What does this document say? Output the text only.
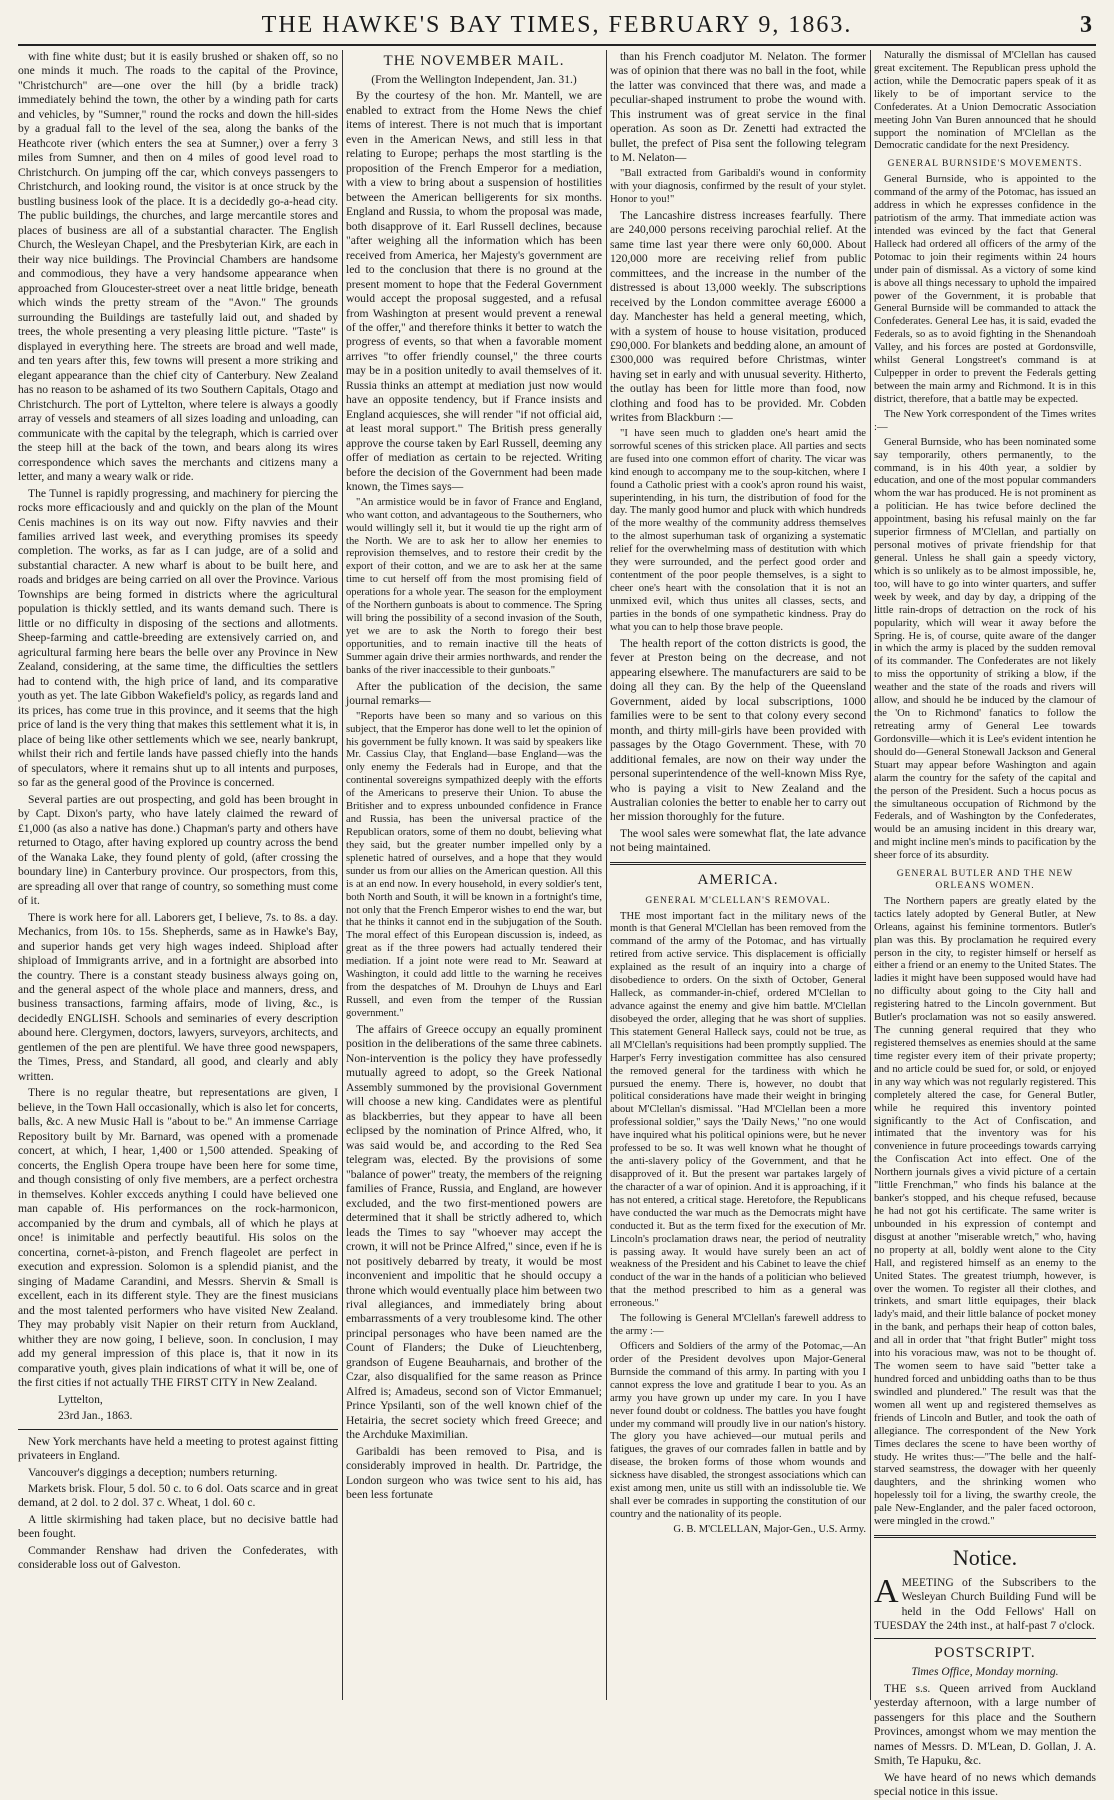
THE HAWKE'S BAY TIMES, FEBRUARY 9, 1863.	3

with fine white dust; but it is easily brushed or shaken off, so no one minds it much. The roads to the capital of the Province, "Christchurch" are—one over the hill (by a bridle track) immediately behind the town, the other by a winding path for carts and vehicles, by "Sumner," round the rocks and down the hill-sides by a gradual fall to the level of the sea, along the banks of the Heathcote river (which enters the sea at Sumner,) over a ferry 3 miles from Sumner, and then on 4 miles of good level road to Christchurch. On jumping off the car, which conveys passengers to Christchurch, and looking round, the visitor is at once struck by the bustling business look of the place. It is a decidedly go-a-head city. The public buildings, the churches, and large mercantile stores and places of business are all of a substantial character. The English Church, the Wesleyan Chapel, and the Presbyterian Kirk, are each in their way nice buildings. The Provincial Chambers are handsome and commodious, they have a very handsome appearance when approached from Gloucester-street over a neat little bridge, beneath which winds the pretty stream of the "Avon." The grounds surrounding the Buildings are tastefully laid out, and shaded by trees, the whole presenting a very pleasing little picture. "Taste" is displayed in everything here. The streets are broad and well made, and ten years after this, few towns will present a more striking and elegant appearance than the chief city of Canterbury. New Zealand has no reason to be ashamed of its two Southern Capitals, Otago and Christchurch. The port of Lyttelton, where telere is always a goodly array of vessels and steamers of all sizes loading and unloading, can communicate with the capital by the telegraph, which is carried over the steep hill at the back of the town, and bears along its wires correspondence which saves the merchants and citizens many a letter, and many a weary walk or ride.

The Tunnel is rapidly progressing, and machinery for piercing the rocks more efficaciously and and quickly on the plan of the Mount Cenis machines is on its way out now. Fifty navvies and their families arrived last week, and everything promises its speedy completion. The works, as far as I can judge, are of a solid and substantial character. A new wharf is about to be built here, and roads and bridges are being carried on all over the Province. Various Townships are being formed in districts where the agricultural population is thickly settled, and its wants demand such. There is little or no difficulty in disposing of the sections and allotments. Sheep-farming and cattle-breeding are extensively carried on, and agricultural farming here bears the belle over any Province in New Zealand, considering, at the same time, the difficulties the settlers had to contend with, the high price of land, and its comparative youth as yet. The late Gibbon Wakefield's policy, as regards land and its prices, has come true in this province, and it seems that the high price of land is the very thing that makes this settlement what it is, in place of being like other settlements which we see, nearly bankrupt, whilst their rich and fertile lands have passed chiefly into the hands of speculators, where it remains shut up to all intents and purposes, so far as the general good of the Province is concerned.

Several parties are out prospecting, and gold has been brought in by Capt. Dixon's party, who have lately claimed the reward of £1,000 (as also a native has done.) Chapman's party and others have returned to Otago, after having explored up country across the bend of the Wanaka Lake, they found plenty of gold, (after crossing the boundary line) in Canterbury province. Our prospectors, from this, are spreading all over that range of country, so something must come of it.

There is work here for all. Laborers get, I believe, 7s. to 8s. a day. Mechanics, from 10s. to 15s. Shepherds, same as in Hawke's Bay, and superior hands get very high wages indeed. Shipload after shipload of Immigrants arrive, and in a fortnight are absorbed into the country. There is a constant steady business always going on, and the general aspect of the whole place and manners, dress, and business transactions, farming affairs, mode of living, &c., is decidedly ENGLISH. Schools and seminaries of every description abound here. Clergymen, doctors, lawyers, surveyors, architects, and gentlemen of the pen are plentiful. We have three good newspapers, the Times, Press, and Standard, all good, and clearly and ably written.

There is no regular theatre, but representations are given, I believe, in the Town Hall occasionally, which is also let for concerts, balls, &c. A new Music Hall is "about to be." An immense Carriage Repository built by Mr. Barnard, was opened with a promenade concert, at which, I hear, 1,400 or 1,500 attended. Speaking of concerts, the English Opera troupe have been here for some time, and though consisting of only five members, are a perfect orchestra in themselves. Kohler excceds anything I could have believed one man capable of. His performances on the rock-harmonicon, accompanied by the drum and cymbals, all of which he plays at once! is inimitable and perfectly beautiful. His solos on the concertina, cornet-à-piston, and French flageolet are perfect in execution and expression. Solomon is a splendid pianist, and the singing of Madame Carandini, and Messrs. Shervin & Small is excellent, each in its different style. They are the finest musicians and the most talented performers who have visited New Zealand. They may probably visit Napier on their return from Auckland, whither they are now going, I believe, soon. In conclusion, I may add my general impression of this place is, that it now in its comparative youth, gives plain indications of what it will be, one of the first cities if not actually THE FIRST CITY in New Zealand.

Lyttelton,

23rd Jan., 1863.

New York merchants have held a meeting to protest against fitting privateers in England.

Vancouver's diggings a deception; numbers returning.

Markets brisk. Flour, 5 dol. 50 c. to 6 dol. Oats scarce and in great demand, at 2 dol. to 2 dol. 37 c. Wheat, 1 dol. 60 c.

A little skirmishing had taken place, but no decisive battle had been fought.

Commander Renshaw had driven the Confederates, with considerable loss out of Galveston.

THE NOVEMBER MAIL.

(From the Wellington Independent, Jan. 31.)

By the courtesy of the hon. Mr. Mantell, we are enabled to extract from the Home News the chief items of interest. There is not much that is important even in the American News, and still less in that relating to Europe; perhaps the most startling is the proposition of the French Emperor for a mediation, with a view to bring about a suspension of hostilities between the American belligerents for six months. England and Russia, to whom the proposal was made, both disapprove of it. Earl Russell declines, because "after weighing all the information which has been received from America, her Majesty's government are led to the conclusion that there is no ground at the present moment to hope that the Federal Government would accept the proposal suggested, and a refusal from Washington at present would prevent a renewal of the offer," and therefore thinks it better to watch the progress of events, so that when a favorable moment arrives "to offer friendly counsel," the three courts may be in a position unitedly to avail themselves of it. Russia thinks an attempt at mediation just now would have an opposite tendency, but if France insists and England acquiesces, she will render "if not official aid, at least moral support." The British press generally approve the course taken by Earl Russell, deeming any offer of mediation as certain to be rejected. Writing before the decision of the Government had been made known, the Times says—

"An armistice would be in favor of France and England, who want cotton, and advantageous to the Southerners, who would willingly sell it, but it would tie up the right arm of the North. We are to ask her to allow her enemies to reprovision themselves, and to restore their credit by the export of their cotton, and we are to ask her at the same time to cut herself off from the most promising field of operations for a whole year. The season for the employment of the Northern gunboats is about to commence. The Spring will bring the possibility of a second invasion of the South, yet we are to ask the North to forego their best opportunities, and to remain inactive till the heats of Summer again drive their armies northwards, and render the banks of the river inaccessible to their gunboats."

After the publication of the decision, the same journal remarks—

"Reports have been so many and so various on this subject, that the Emperor has done well to let the opinion of his government be fully known. It was said by speakers like Mr. Cassius Clay, that England—base England—was the only enemy the Federals had in Europe, and that the continental sovereigns sympathized deeply with the efforts of the Americans to preserve their Union. To abuse the Britisher and to express unbounded confidence in France and Russia, has been the universal practice of the Republican orators, some of them no doubt, believing what they said, but the greater number impelled only by a splenetic hatred of ourselves, and a hope that they would sunder us from our allies on the American question. All this is at an end now. In every household, in every soldier's tent, both North and South, it will be known in a fortnight's time, not only that the French Emperor wishes to end the war, but that he thinks it cannot end in the subjugation of the South. The moral effect of this European discussion is, indeed, as great as if the three powers had actually tendered their mediation. If a joint note were read to Mr. Seaward at Washington, it could add little to the warning he receives from the despatches of M. Drouhyn de Lhuys and Earl Russell, and even from the temper of the Russian government."

The affairs of Greece occupy an equally prominent position in the deliberations of the same three cabinets. Non-intervention is the policy they have professedly mutually agreed to adopt, so the Greek National Assembly summoned by the provisional Government will choose a new king. Candidates were as plentiful as blackberries, but they appear to have all been eclipsed by the nomination of Prince Alfred, who, it was said would be, and according to the Red Sea telegram was, elected. By the provisions of some "balance of power" treaty, the members of the reigning families of France, Russia, and England, are however excluded, and the two first-mentioned powers are determined that it shall be strictly adhered to, which leads the Times to say "whoever may accept the crown, it will not be Prince Alfred," since, even if he is not positively debarred by treaty, it would be most inconvenient and impolitic that he should occupy a throne which would eventually place him between two rival allegiances, and immediately bring about embarrassments of a very troublesome kind. The other principal personages who have been named are the Count of Flanders; the Duke of Lieuchtenberg, grandson of Eugene Beauharnais, and brother of the Czar, also disqualified for the same reason as Prince Alfred is; Amadeus, second son of Victor Emmanuel; Prince Ypsilanti, son of the well known chief of the Hetairia, the secret society which freed Greece; and the Archduke Maximilian.

Garibaldi has been removed to Pisa, and is considerably improved in health. Dr. Partridge, the London surgeon who was twice sent to his aid, has been less fortunate

than his French coadjutor M. Nelaton. The former was of opinion that there was no ball in the foot, while the latter was convinced that there was, and made a peculiar-shaped instrument to probe the wound with. This instrument was of great service in the final operation. As soon as Dr. Zenetti had extracted the bullet, the prefect of Pisa sent the following telegram to M. Nelaton—

"Ball extracted from Garibaldi's wound in conformity with your diagnosis, confirmed by the result of your stylet. Honor to you!"

The Lancashire distress increases fearfully. There are 240,000 persons receiving parochial relief. At the same time last year there were only 60,000. About 120,000 more are receiving relief from public committees, and the increase in the number of the distressed is about 13,000 weekly. The subscriptions received by the London committee average £6000 a day. Manchester has held a general meeting, which, with a system of house to house visitation, produced £90,000. For blankets and bedding alone, an amount of £300,000 was required before Christmas, winter having set in early and with unusual severity. Hitherto, the outlay has been for little more than food, now clothing and food has to be provided. Mr. Cobden writes from Blackburn :—

"I have seen much to gladden one's heart amid the sorrowful scenes of this stricken place. All parties and sects are fused into one common effort of charity. The vicar was kind enough to accompany me to the soup-kitchen, where I found a Catholic priest with a cook's apron round his waist, superintending, in his turn, the distribution of food for the day. The manly good humor and pluck with which hundreds of the more wealthy of the community address themselves to the almost superhuman task of organizing a systematic relief for the overwhelming mass of destitution with which they were surrounded, and the perfect good order and contentment of the poor people themselves, is a sight to cheer one's heart with the consolation that it is not an unmixed evil, which thus unites all classes, sects, and parties in the bonds of one sympathetic kindness. Pray do what you can to help those brave people.

The health report of the cotton districts is good, the fever at Preston being on the decrease, and not appearing elsewhere. The manufacturers are said to be doing all they can. By the help of the Queensland Government, aided by local subscriptions, 1000 families were to be sent to that colony every second month, and thirty mill-girls have been provided with passages by the Otago Government. These, with 70 additional females, are now on their way under the personal superintendence of the well-known Miss Rye, who is paying a visit to New Zealand and the Australian colonies the better to enable her to carry out her mission thoroughly for the future.

The wool sales were somewhat flat, the late advance not being maintained.

AMERICA.
GENERAL M'CLELLAN'S REMOVAL.

THE most important fact in the military news of the month is that General M'Clellan has been removed from the command of the army of the Potomac, and has virtually retired from active service. This displacement is officially explained as the result of an inquiry into a charge of disobedience to orders. On the sixth of October, General Halleck, as commander-in-chief, ordered M'Clellan to advance against the enemy and give him battle. M'Clellan disobeyed the order, alleging that he was short of supplies. This statement General Halleck says, could not be true, as all M'Clellan's requisitions had been promptly supplied. The Harper's Ferry investigation committee has also censured the removed general for the tardiness with which he pursued the enemy. There is, however, no doubt that political considerations have made their weight in bringing about M'Clellan's dismissal. "Had M'Clellan been a more professional soldier," says the 'Daily News,' "no one would have inquired what his political opinions were, but he never professed to be so. It was well known what he thought of the anti-slavery policy of the Government, and that he disapproved of it. But the present war partakes largely of the character of a war of opinion. And it is approaching, if it has not entered, a critical stage. Heretofore, the Republicans have conducted the war much as the Democrats might have conducted it. But as the term fixed for the execution of Mr. Lincoln's proclamation draws near, the period of neutrality is passing away. It would have surely been an act of weakness of the President and his Cabinet to leave the chief conduct of the war in the hands of a politician who believed that the method prescribed to him as a general was erroneous."

The following is General M'Clellan's farewell address to the army :—

Officers and Soldiers of the army of the Potomac,—An order of the President devolves upon Major-General Burnside the command of this army. In parting with you I cannot express the love and gratitude I bear to you. As an army you have grown up under my care. In you I have never found doubt or coldness. The battles you have fought under my command will proudly live in our nation's history. The glory you have achieved—our mutual perils and fatigues, the graves of our comrades fallen in battle and by disease, the broken forms of those whom wounds and sickness have disabled, the strongest associations which can exist among men, unite us still with an indissoluble tie. We shall ever be comrades in supporting the constitution of our country and the nationality of its people.

G. B. M'CLELLAN, Major-Gen., U.S. Army.

Naturally the dismissal of M'Clellan has caused great excitement. The Republican press uphold the action, while the Democratic papers speak of it as likely to be of important service to the Confederates. At a Union Democratic Association meeting John Van Buren announced that he should support the nomination of M'Clellan as the Democratic candidate for the next Presidency.

GENERAL BURNSIDE'S MOVEMENTS.

General Burnside, who is appointed to the command of the army of the Potomac, has issued an address in which he expresses confidence in the patriotism of the army. That immediate action was intended was evinced by the fact that General Halleck had ordered all officers of the army of the Potomac to join their regiments within 24 hours under pain of dismissal. As a victory of some kind is above all things necessary to uphold the impaired power of the Government, it is probable that General Burnside will be commanded to attack the Confederates. General Lee has, it is said, evaded the Federals, so as to avoid fighting in the Shenandoah Valley, and his forces are posted at Gordonsville, whilst General Longstreet's command is at Culpepper in order to prevent the Federals getting between the main army and Richmond. It is in this district, therefore, that a battle may be expected.

The New York correspondent of the Times writes :—

General Burnside, who has been nominated some say temporarily, others permanently, to the command, is in his 40th year, a soldier by education, and one of the most popular commanders whom the war has produced. He is not prominent as a politician. He has twice before declined the appointment, basing his refusal mainly on the far superior firmness of M'Clellan, and partially on personal motives of private friendship for that general. Unless he shall gain a speedy victory, which is so unlikely as to be almost impossible, he, too, will have to go into winter quarters, and suffer week by week, and day by day, a dripping of the little rain-drops of detraction on the rock of his popularity, which will wear it away before the Spring. He is, of course, quite aware of the danger in which the army is placed by the sudden removal of its commander. The Confederates are not likely to miss the opportunity of striking a blow, if the weather and the state of the roads and rivers will allow, and should he be induced by the clamour of the 'On to Richmond' fanatics to follow the retreating army of General Lee towards Gordonsville—which it is Lee's evident intention he should do—General Stonewall Jackson and General Stuart may appear before Washington and again alarm the country for the safety of the capital and the person of the President. Such a hocus pocus as the simultaneous occupation of Richmond by the Federals, and of Washington by the Confederates, would be an amusing incident in this dreary war, and might incline men's minds to pacification by the sheer force of its absurdity.

GENERAL BUTLER AND THE NEW ORLEANS WOMEN.

The Northern papers are greatly elated by the tactics lately adopted by General Butler, at New Orleans, against his feminine tormentors. Butler's plan was this. By proclamation he required every person in the city, to register himself or herself as either a friend or an enemy to the United States. The ladies it might have been supposed would have had no difficulty about going to the City hall and registering hatred to the Lincoln government. But Butler's proclamation was not so easily answered. The cunning general required that they who registered themselves as enemies should at the same time register every item of their private property; and no article could be sued for, or sold, or enjoyed in any way which was not regularly registered. This completely altered the case, for General Butler, while he required this inventory pointed significantly to the Act of Confiscation, and intimated that the inventory was for his convenience in future proceedings towards carrying the Confiscation Act into effect. One of the Northern journals gives a vivid picture of a certain "little Frenchman," who finds his balance at the banker's stopped, and his cheque refused, because he had not got his certificate. The same writer is unbounded in his expression of contempt and disgust at another "miserable wretch," who, having no property at all, boldly went alone to the City Hall, and registered himself as an enemy to the United States. The greatest triumph, however, is over the women. To register all their clothes, and trinkets, and smart little equipages, their black lady's maid, and their little balance of pocket money in the bank, and perhaps their heap of cotton bales, and all in order that "that fright Butler" might toss into his voracious maw, was not to be thought of. The women seem to have said "better take a hundred forced and unbidding oaths than to be thus swindled and plundered." The result was that the women all went up and registered themselves as friends of Lincoln and Butler, and took the oath of allegiance. The correspondent of the New York Times declares the scene to have been worthy of study. He writes thus:—"The belle and the half-starved seamstress, the dowager with her queenly daughters, and the shrinking women who hopelessly toil for a living, the swarthy creole, the pale New-Englander, and the paler faced octoroon, were mingled in the crowd."

Notice.

AMEETING of the Subscribers to the Wesleyan Church Building Fund will be held in the Odd Fellows' Hall on TUESDAY the 24th inst., at half-past 7 o'clock.

POSTSCRIPT.

Times Office, Monday morning.

THE s.s. Queen arrived from Auckland yesterday afternoon, with a large number of passengers for this place and the Southern Provinces, amongst whom we may mention the names of Messrs. D. M'Lean, D. Gollan, J. A. Smith, Te Hapuku, &c.

We have heard of no news which demands special notice in this issue.
